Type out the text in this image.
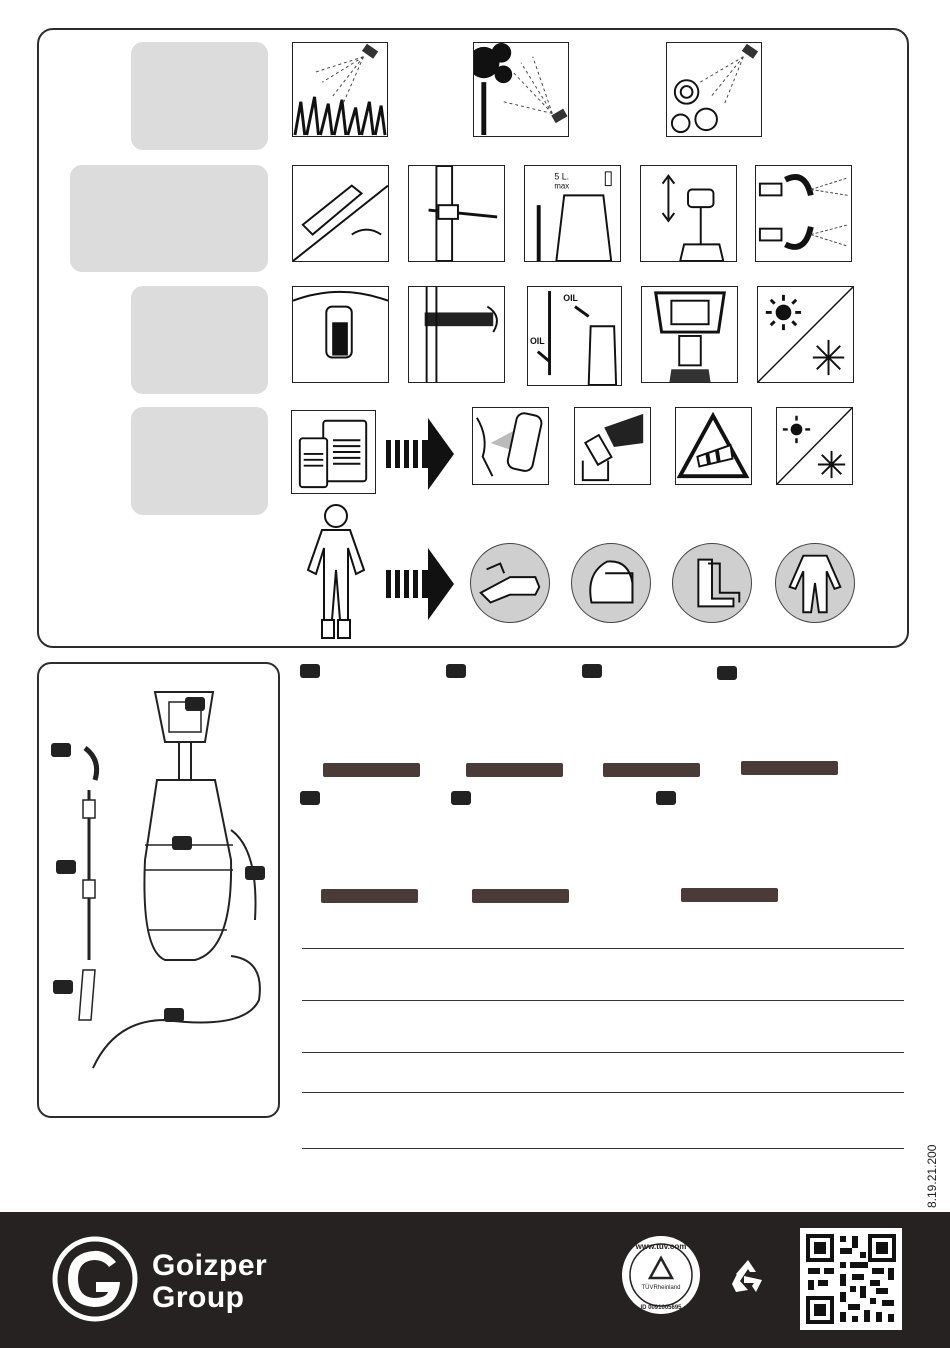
5 L.
max
OIL
OIL
8.19.21.200
Goizper
Group
www.tuv.com
TÜVRheinland
ID 0091005695
